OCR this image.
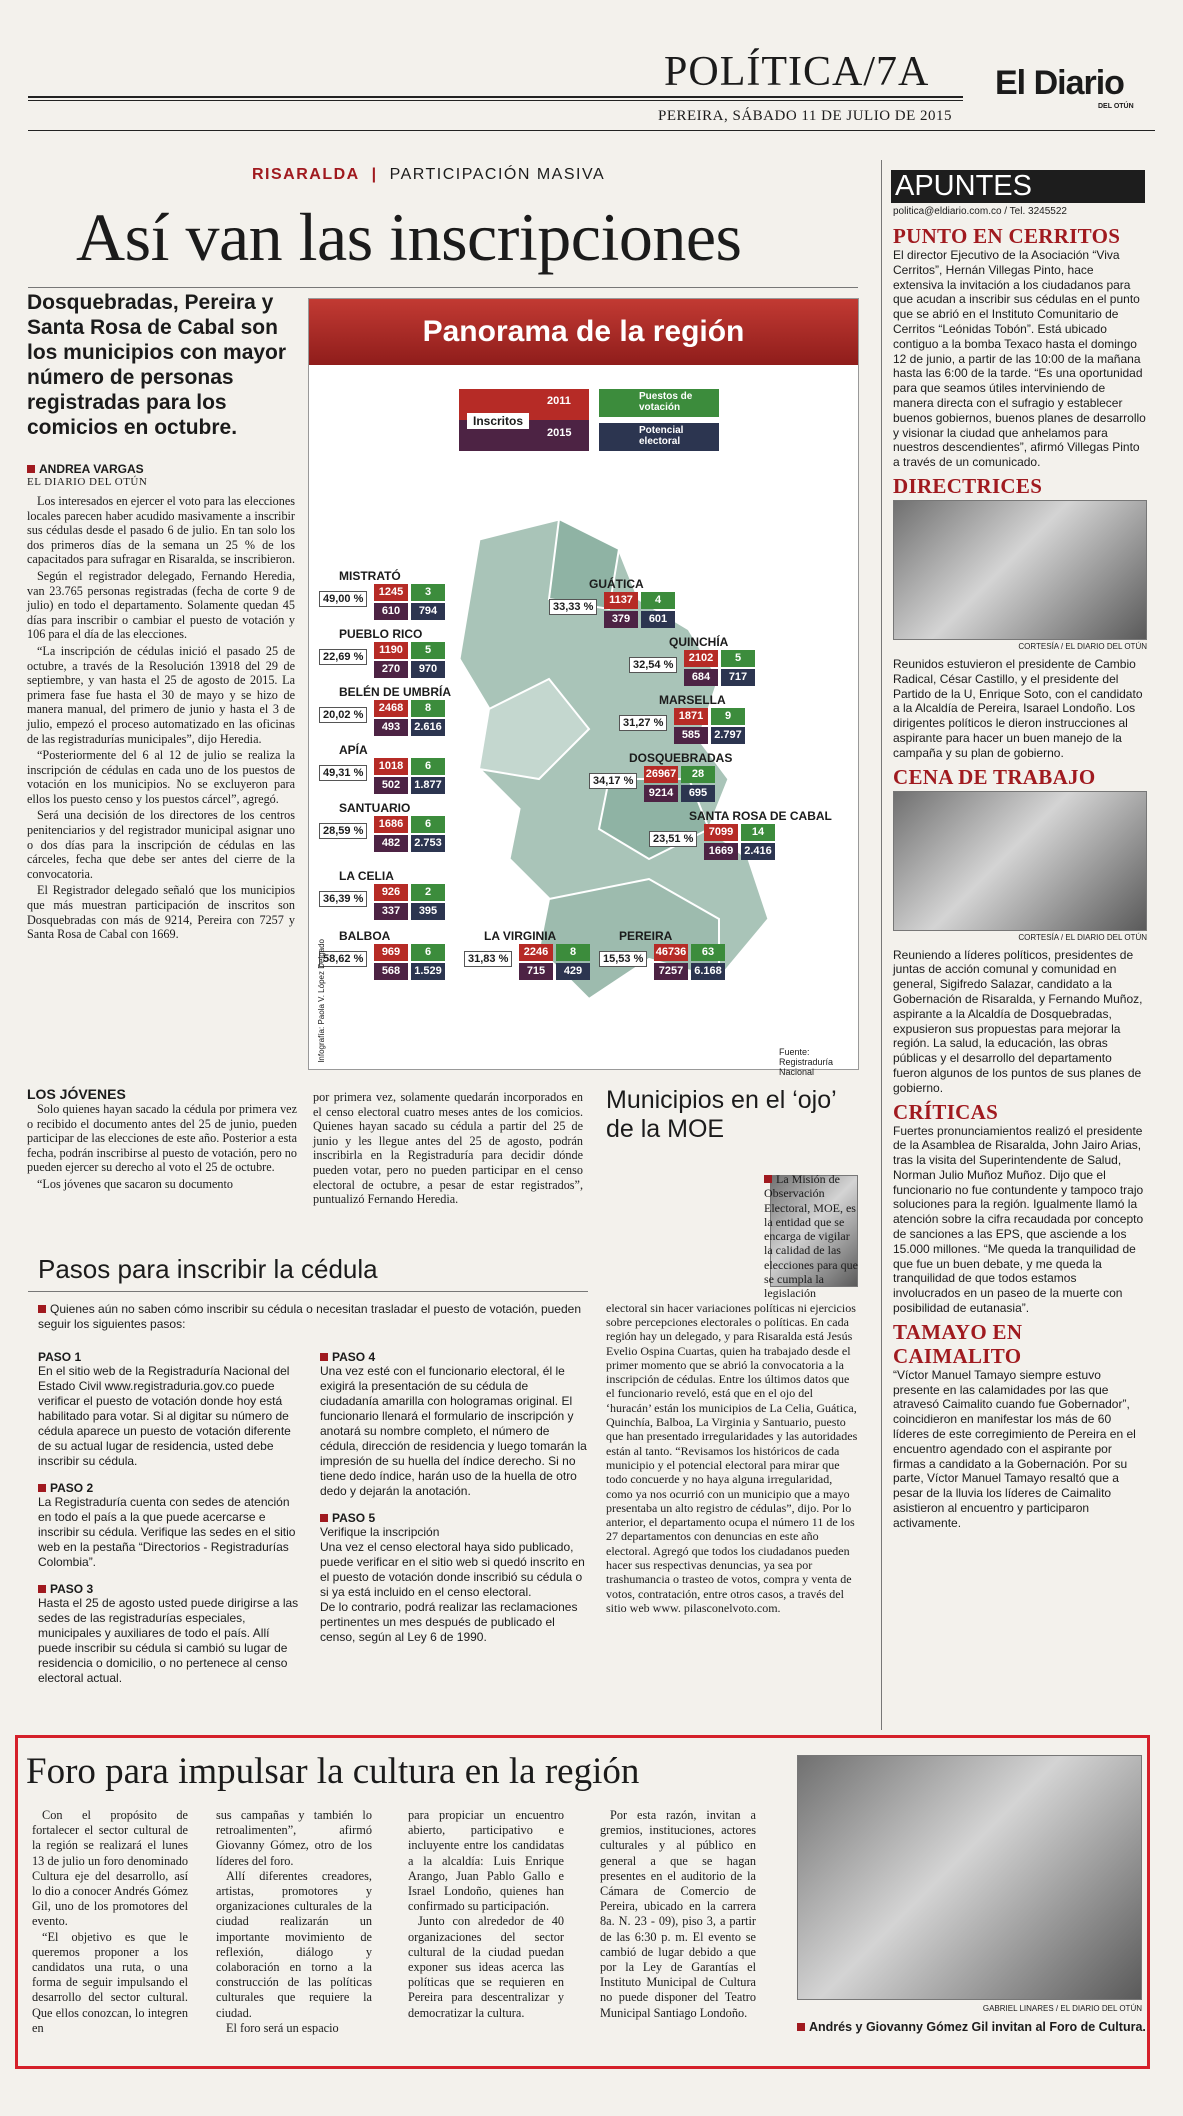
POLÍTICA/7A
PEREIRA, SÁBADO 11 DE JULIO DE 2015
El Diario
DEL OTÚN
RISARALDA | PARTICIPACIÓN MASIVA
Así van las inscripciones
Dosquebradas, Pereira y Santa Rosa de Cabal son los municipios con mayor número de personas registradas para los comicios en octubre.
ANDREA VARGAS
EL DIARIO DEL OTÚN

Los interesados en ejercer el voto para las elecciones locales parecen haber acudido masivamente a inscribir sus cédulas desde el pasado 6 de julio. En tan solo los dos primeros días de la semana un 25 % de los capacitados para sufragar en Risaralda, se inscribieron.

Según el registrador delegado, Fernando Heredia, van 23.765 personas registradas (fecha de corte 9 de julio) en todo el departamento. Solamente quedan 45 días para inscribir o cambiar el puesto de votación y 106 para el día de las elecciones.

“La inscripción de cédulas inició el pasado 25 de octubre, a través de la Resolución 13918 del 29 de septiembre, y van hasta el 25 de agosto de 2015. La primera fase fue hasta el 30 de mayo y se hizo de manera manual, del primero de junio y hasta el 3 de julio, empezó el proceso automatizado en las oficinas de las registradurías municipales”, dijo Heredia.

“Posteriormente del 6 al 12 de julio se realiza la inscripción de cédulas en cada uno de los puestos de votación en los municipios. No se excluyeron para ellos los puesto censo y los puestos cárcel”, agregó.

Será una decisión de los directores de los centros penitenciarios y del registrador municipal asignar uno o dos días para la inscripción de cédulas en las cárceles, fecha que debe ser antes del cierre de la convocatoria.

El Registrador delegado señaló que los municipios que más muestran participación de inscritos son Dosquebradas con más de 9214, Pereira con 7257 y Santa Rosa de Cabal con 1669.

Panorama de la región
Inscritos
2011
2015
Puestos de votación
Potencial electoral
MISTRATÓ
49,00 %
1245
610
3
794
GUÁTICA
33,33 %
1137
379
4
601
PUEBLO RICO
22,69 %
1190
270
5
970
QUINCHÍA
32,54 %
2102
684
5
717
BELÉN DE UMBRÍA
20,02 %
2468
493
8
2.616
MARSELLA
31,27 %
1871
585
9
2.797
APÍA
49,31 %
1018
502
6
1.877
DOSQUEBRADAS
34,17 %
26967
9214
28
695
SANTUARIO
28,59 %
1686
482
6
2.753
SANTA ROSA DE CABAL
23,51 %
7099
1669
14
2.416
LA CELIA
36,39 %
926
337
2
395
BALBOA
58,62 %
969
568
6
1.529
LA VIRGINIA
31,83 %
2246
715
8
429
PEREIRA
15,53 %
46736
7257
63
6.168
Infografía: Paola V. López Delgado	Fuente: Registraduría Nacional
LOS JÓVENES

Solo quienes hayan sacado la cédula por primera vez o recibido el documento antes del 25 de junio, pueden participar de las elecciones de este año. Posterior a esta fecha, podrán inscribirse al puesto de votación, pero no pueden ejercer su derecho al voto el 25 de octubre.

“Los jóvenes que sacaron su documento

por primera vez, solamente quedarán incorporados en el censo electoral cuatro meses antes de los comicios. Quienes hayan sacado su cédula a partir del 25 de junio y les llegue antes del 25 de agosto, podrán inscribirla en la Registraduría para decidir dónde pueden votar, pero no pueden participar en el censo electoral de octubre, a pesar de estar registrados”, puntualizó Fernando Heredia.

Municipios en el ‘ojo’ de la MOE
La Misión de Observación Electoral, MOE, es la entidad que se encarga de vigilar la calidad de las elecciones para que se cumpla la legislación electoral sin hacer variaciones políticas ni ejercicios sobre percepciones electorales o políticas. En cada región hay un delegado, y para Risaralda está Jesús Evelio Ospina Cuartas, quien ha trabajado desde el primer momento que se abrió la convocatoria a la inscripción de cédulas. Entre los últimos datos que el funcionario reveló, está que en el ojo del ‘huracán’ están los municipios de La Celia, Guática, Quinchía, Balboa, La Virginia y Santuario, puesto que han presentado irregularidades y las autoridades están al tanto. “Revisamos los históricos de cada municipio y el potencial electoral para mirar que todo concuerde y no haya alguna irregularidad, como ya nos ocurrió con un municipio que a mayo presentaba un alto registro de cédulas”, dijo. Por lo anterior, el departamento ocupa el número 11 de los 27 departamentos con denuncias en este año electoral. Agregó que todos los ciudadanos pueden hacer sus respectivas denuncias, ya sea por trashumancia o trasteo de votos, compra y venta de votos, contratación, entre otros casos, a través del sitio web www. pilasconelvoto.com.
Pasos para inscribir la cédula
Quienes aún no saben cómo inscribir su cédula o necesitan trasladar el puesto de votación, pueden seguir los siguientes pasos:
PASO 1
En el sitio web de la Registraduría Nacional del Estado Civil www.registraduria.gov.co puede verificar el puesto de votación donde hoy está habilitado para votar. Si al digitar su número de cédula aparece un puesto de votación diferente de su actual lugar de residencia, usted debe inscribir su cédula.
PASO 2
La Registraduría cuenta con sedes de atención en todo el país a la que puede acercarse e inscribir su cédula. Verifique las sedes en el sitio web en la pestaña “Directorios - Registradurías Colombia”.
PASO 3
Hasta el 25 de agosto usted puede dirigirse a las sedes de las registradurías especiales, municipales y auxiliares de todo el país. Allí puede inscribir su cédula si cambió su lugar de residencia o domicilio, o no pertenece al censo electoral actual.
PASO 4
Una vez esté con el funcionario electoral, él le exigirá la presentación de su cédula de ciudadanía amarilla con hologramas original. El funcionario llenará el formulario de inscripción y anotará su nombre completo, el número de cédula, dirección de residencia y luego tomarán la impresión de su huella del índice derecho. Si no tiene dedo índice, harán uso de la huella de otro dedo y dejarán la anotación.
PASO 5
Verifique la inscripción
Una vez el censo electoral haya sido publicado, puede verificar en el sitio web si quedó inscrito en el puesto de votación donde inscribió su cédula o si ya está incluido en el censo electoral.
De lo contrario, podrá realizar las reclamaciones pertinentes un mes después de publicado el censo, según al Ley 6 de 1990.
APUNTES
politica@eldiario.com.co / Tel. 3245522
PUNTO EN CERRITOS
El director Ejecutivo de la Asociación “Viva Cerritos”, Hernán Villegas Pinto, hace extensiva la invitación a los ciudadanos para que acudan a inscribir sus cédulas en el punto que se abrió en el Instituto Comunitario de Cerritos “Leónidas Tobón”. Está ubicado contiguo a la bomba Texaco hasta el domingo 12 de junio, a partir de las 10:00 de la mañana hasta las 6:00 de la tarde. “Es una oportunidad para que seamos útiles interviniendo de manera directa con el sufragio y establecer buenos gobiernos, buenos planes de desarrollo y visionar la ciudad que anhelamos para nuestros descendientes”, afirmó Villegas Pinto a través de un comunicado.
DIRECTRICES
CORTESÍA / EL DIARIO DEL OTÚN
Reunidos estuvieron el presidente de Cambio Radical, César Castillo, y el presidente del Partido de la U, Enrique Soto, con el candidato a la Alcaldía de Pereira, Isarael Londoño. Los dirigentes políticos le dieron instrucciones al aspirante para hacer un buen manejo de la campaña y su plan de gobierno.
CENA DE TRABAJO
CORTESÍA / EL DIARIO DEL OTÚN
Reuniendo a líderes políticos, presidentes de juntas de acción comunal y comunidad en general, Sigifredo Salazar, candidato a la Gobernación de Risaralda, y Fernando Muñoz, aspirante a la Alcaldía de Dosquebradas, expusieron sus propuestas para mejorar la región. La salud, la educación, las obras públicas y el desarrollo del departamento fueron algunos de los puntos de sus planes de gobierno.
CRÍTICAS
Fuertes pronunciamientos realizó el presidente de la Asamblea de Risaralda, John Jairo Arias, tras la visita del Superintendente de Salud, Norman Julio Muñoz Muñoz. Dijo que el funcionario no fue contundente y tampoco trajo soluciones para la región. Igualmente llamó la atención sobre la cifra recaudada por concepto de sanciones a las EPS, que asciende a los 15.000 millones. “Me queda la tranquilidad de que fue un buen debate, y me queda la tranquilidad de que todos estamos involucrados en un paseo de la muerte con posibilidad de eutanasia”.
TAMAYO EN CAIMALITO
“Víctor Manuel Tamayo siempre estuvo presente en las calamidades por las que atravesó Caimalito cuando fue Gobernador”, coincidieron en manifestar los más de 60 líderes de este corregimiento de Pereira en el encuentro agendado con el aspirante por firmas a candidato a la Gobernación. Por su parte, Víctor Manuel Tamayo resaltó que a pesar de la lluvia los líderes de Caimalito asistieron al encuentro y participaron activamente.
Foro para impulsar la cultura en la región

Con el propósito de fortalecer el sector cultural de la región se realizará el lunes 13 de julio un foro denominado Cultura eje del desarrollo, así lo dio a conocer Andrés Gómez Gil, uno de los promotores del evento.

“El objetivo es que le queremos proponer a los candidatos una ruta, o una forma de seguir impulsando el desarrollo del sector cultural. Que ellos conozcan, lo integren en

sus campañas y también lo retroalimenten”, afirmó Giovanny Gómez, otro de los líderes del foro.

Allí diferentes creadores, artistas, promotores y organizaciones culturales de la ciudad realizarán un importante movimiento de reflexión, diálogo y colaboración en torno a la construcción de las políticas culturales que requiere la ciudad.

El foro será un espacio

para propiciar un encuentro abierto, participativo e incluyente entre los candidatas a la alcaldía: Luis Enrique Arango, Juan Pablo Gallo e Israel Londoño, quienes han confirmado su participación.

Junto con alrededor de 40 organizaciones del sector cultural de la ciudad puedan exponer sus ideas acerca las políticas que se requieren en Pereira para descentralizar y democratizar la cultura.

Por esta razón, invitan a gremios, instituciones, actores culturales y al público en general a que se hagan presentes en el auditorio de la Cámara de Comercio de Pereira, ubicado en la carrera 8a. N. 23 - 09), piso 3, a partir de las 6:30 p. m. El evento se cambió de lugar debido a que por la Ley de Garantías el Instituto Municipal de Cultura no puede disponer del Teatro Municipal Santiago Londoño.	GABRIEL LINARES / EL DIARIO DEL OTÚN
Andrés y Giovanny Gómez Gil invitan al Foro de Cultura.
